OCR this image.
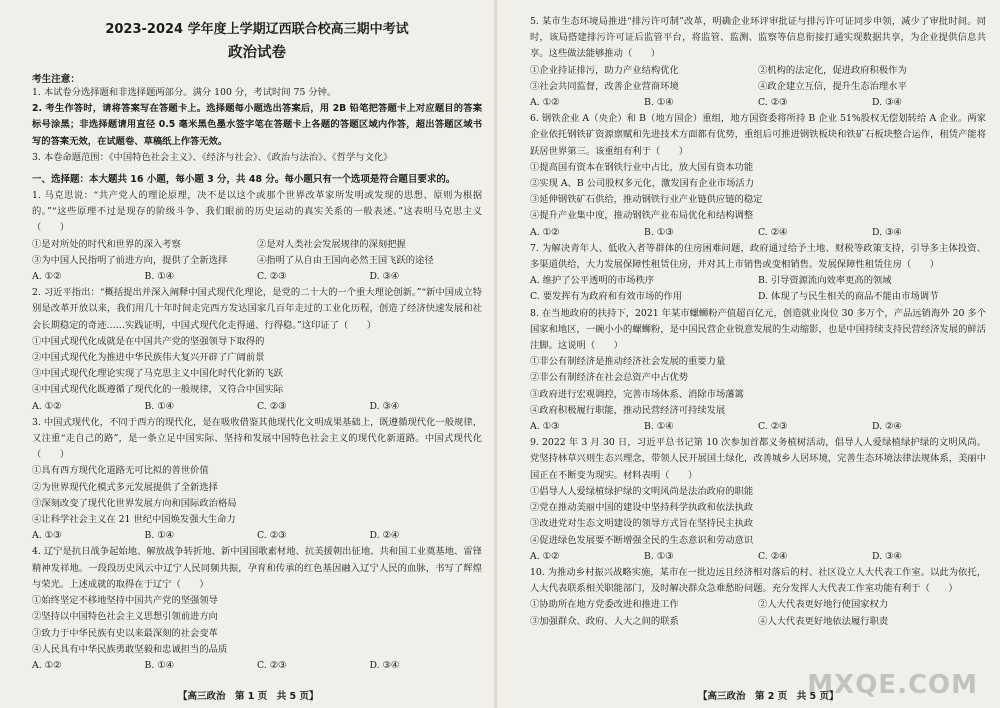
2023-2024 学年度上学期辽西联合校高三期中考试
政治试卷
考生注意：
1. 本试卷分选择题和非选择题两部分。满分 100 分，考试时间 75 分钟。
2. 考生作答时，请将答案写在答题卡上。选择题每小题选出答案后，用 2B 铅笔把答题卡上对应题目的答案标号涂黑；非选择题请用直径 0.5 毫米黑色墨水签字笔在答题卡上各题的答题区域内作答，超出答题区域书写的答案无效，在试题卷、草稿纸上作答无效。
3. 本卷命题范围：《中国特色社会主义》、《经济与社会》、《政治与法治》、《哲学与文化》
一、选择题：本大题共 16 小题，每小题 3 分，共 48 分。每小题只有一个选项是符合题目要求的。
1. 马克思说：“共产党人的理论原理，决不是以这个或那个世界改革家所发明或发现的思想、原则为根据的。”“这些原理不过是现存的阶级斗争、我们眼前的历史运动的真实关系的一般表述。”这表明马克思主义（　　）
①是对所处的时代和世界的深入考察	②是对人类社会发展规律的深刻把握
③为中国人民指明了前进方向，提供了全新选择	④指明了从自由王国向必然王国飞跃的途径
A. ①②	B. ①④	C. ②③	D. ③④
2. 习近平指出：“概括提出并深入阐释中国式现代化理论，是党的二十大的一个重大理论创新。”“新中国成立特别是改革开放以来，我们用几十年时间走完西方发达国家几百年走过的工业化历程，创造了经济快速发展和社会长期稳定的奇迹……实践证明，中国式现代化走得通、行得稳。”这印证了（　　）
①中国式现代化成就是在中国共产党的坚强领导下取得的
②中国式现代化为推进中华民族伟大复兴开辟了广阔前景
③中国式现代化理论实现了马克思主义中国化时代化新的飞跃
④中国式现代化既遵循了现代化的一般规律，又符合中国实际
A. ①②	B. ①④	C. ②③	D. ③④
3. 中国式现代化，不同于西方的现代化，是在吸收借鉴其他现代化文明成果基础上，既遵循现代化一般规律，又注重“走自己的路”，是一条立足中国实际、坚持和发展中国特色社会主义的现代化新道路。中国式现代化（　　）
①具有西方现代化道路无可比拟的普世价值
②为世界现代化模式多元发展提供了全新选择
③深刻改变了现代化世界发展方向和国际政治格局
④让科学社会主义在 21 世纪中国焕发强大生命力
A. ①③	B. ①④	C. ②③	D. ②④
4. 辽宁是抗日战争起始地、解放战争转折地、新中国国歌素材地、抗美援朝出征地、共和国工业奠基地、雷锋精神发祥地。一段段历史风云中辽宁人民同频共振，孕育和传承的红色基因融入辽宁人民的血脉，书写了辉煌与荣光。上述成就的取得在于辽宁（　　）
①始终坚定不移地坚持中国共产党的坚强领导
②坚持以中国特色社会主义思想引领前进方向
③致力于中华民族有史以来最深刻的社会变革
④人民具有中华民族勇敢坚毅和忠诚担当的品质
A. ①②	B. ①④	C. ②③	D. ③④
5. 某市生态环境局推进“排污许可制”改革，明确企业环评审批证与排污许可证同步申领，减少了审批时间。同时，该局搭建排污许可证后监管平台，将监管、监测、监察等信息衔接打通实现数据共享，为企业提供信息共享。这些做法能够推动（　　）
①企业持证排污，助力产业结构优化	②机构的法定化，促进政府积极作为
③社会共同监督，改善企业营商环境	④政企建立互信，提升生态治理水平
A. ①②	B. ①④	C. ②③	D. ③④
6. 钢铁企业 A（央企）和 B（地方国企）重组，地方国资委将所持 B 企业 51%股权无偿划转给 A 企业。两家企业依托钢铁矿资源禀赋和先进技术方面都有优势，重组后可推进钢铁板块和铁矿石板块整合运作，租赁产能将跃居世界第三。该重组有利于（　　）
①提高国有资本在钢铁行业中占比，放大国有资本功能
②实现 A、B 公司股权多元化，激发国有企业市场活力
③延伸钢铁矿石供给，推动钢铁行业产业链供应链的稳定
④提升产业集中度，推动钢铁产业布局优化和结构调整
A. ①②	B. ①③	C. ②④	D. ③④
7. 为解决青年人、低收入者等群体的住房困难问题，政府通过给予土地、财税等政策支持，引导多主体投资、多渠道供给，大力发展保障性租赁住房，并对其上市销售或变相销售。发展保障性租赁住房（　　）
A. 维护了公平透明的市场秩序	B. 引导资源流向效率更高的领域
C. 要发挥有为政府和有效市场的作用	D. 体现了与民生相关的商品不能由市场调节
8. 在当地政府的扶持下，2021 年某市螺蛳粉产值超百亿元，创造就业岗位 30 多万个，产品远销海外 20 多个国家和地区，一碗小小的螺蛳粉，是中国民营企业锐意发展的生动缩影，也是中国持续支持民营经济发展的鲜活注脚。这说明（　　）
①非公有制经济是推动经济社会发展的重要力量
②非公有制经济在社会总资产中占优势
③政府进行宏观调控，完善市场体系、消除市场藩篱
④政府积极履行职能，推动民营经济可持续发展
A. ①③	B. ①④	C. ②③	D. ②④
9. 2022 年 3 月 30 日，习近平总书记第 10 次参加首都义务植树活动，倡导人人爱绿植绿护绿的文明风尚。党坚持林草兴则生态兴理念，带领人民开展国土绿化，改善城乡人居环境，完善生态环境法律法规体系，美丽中国正在不断变为现实。材料表明（　　）
①倡导人人爱绿植绿护绿的文明风尚是法治政府的职能
②党在推动美丽中国的建设中坚持科学执政和依法执政
③改进党对生态文明建设的领导方式旨在坚持民主执政
④促进绿色发展要不断增强全民的生态意识和劳动意识
A. ①②	B. ①③	C. ②④	D. ③④
10. 为推动乡村振兴战略实施，某市在一批边远且经济相对落后的村、社区设立人大代表工作室。以此为依托，人大代表联系相关职能部门，及时解决群众急难愁盼问题。充分发挥人大代表工作室功能有利于（　　）
①协助所在地方党委改进和推进工作	②人大代表更好地行使国家权力
③加强群众、政府、人大之间的联系	④人大代表更好地依法履行职责
【高三政治　第 1 页　共 5 页】	【高三政治　第 2 页　共 5 页】
MXQE.COM
